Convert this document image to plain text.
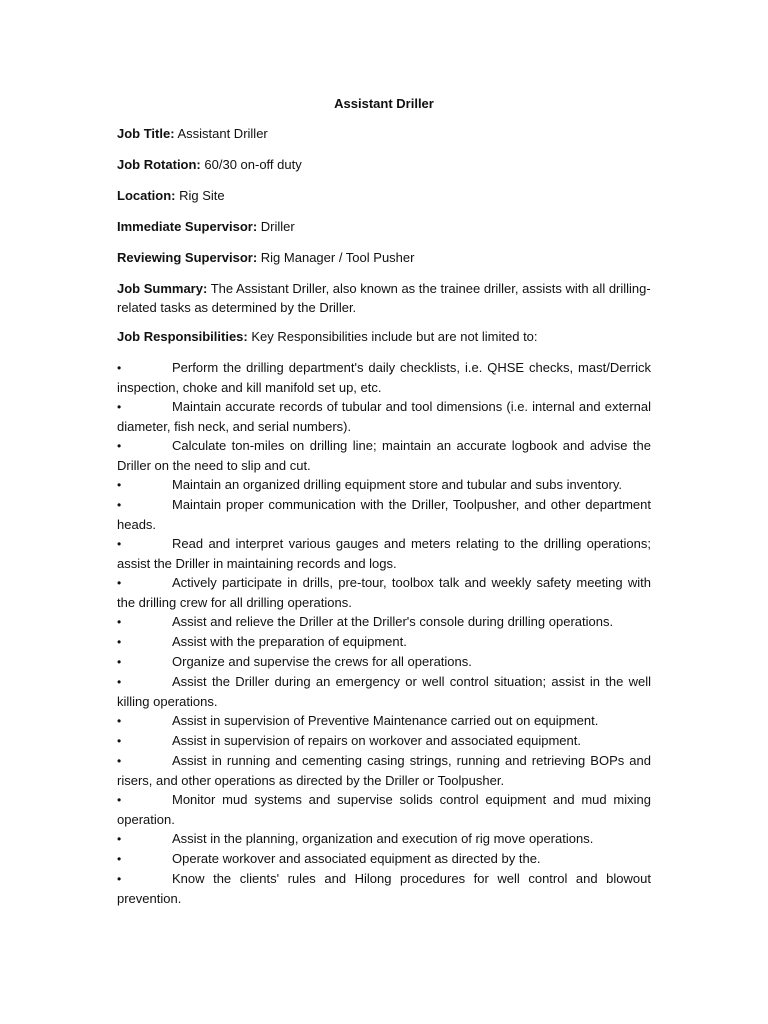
Assistant Driller
Job Title: Assistant Driller
Job Rotation: 60/30 on-off duty
Location: Rig Site
Immediate Supervisor: Driller
Reviewing Supervisor: Rig Manager / Tool Pusher
Job Summary: The Assistant Driller, also known as the trainee driller, assists with all drilling-related tasks as determined by the Driller.
Job Responsibilities: Key Responsibilities include but are not limited to:
•	Perform the drilling department's daily checklists, i.e. QHSE checks, mast/Derrick inspection, choke and kill manifold set up, etc.
•	Maintain accurate records of tubular and tool dimensions (i.e. internal and external diameter, fish neck, and serial numbers).
•	Calculate ton-miles on drilling line; maintain an accurate logbook and advise the Driller on the need to slip and cut.
•	Maintain an organized drilling equipment store and tubular and subs inventory.
•	Maintain proper communication with the Driller, Toolpusher, and other department heads.
•	Read and interpret various gauges and meters relating to the drilling operations; assist the Driller in maintaining records and logs.
•	Actively participate in drills, pre-tour, toolbox talk and weekly safety meeting with the drilling crew for all drilling operations.
•	Assist and relieve the Driller at the Driller's console during drilling operations.
•	Assist with the preparation of equipment.
•	Organize and supervise the crews for all operations.
•	Assist the Driller during an emergency or well control situation; assist in the well killing operations.
•	Assist in supervision of Preventive Maintenance carried out on equipment.
•	Assist in supervision of repairs on workover and associated equipment.
•	Assist in running and cementing casing strings, running and retrieving BOPs and risers, and other operations as directed by the Driller or Toolpusher.
•	Monitor mud systems and supervise solids control equipment and mud mixing operation.
•	Assist in the planning, organization and execution of rig move operations.
•	Operate workover and associated equipment as directed by the.
•	Know the clients' rules and Hilong procedures for well control and blowout prevention.
